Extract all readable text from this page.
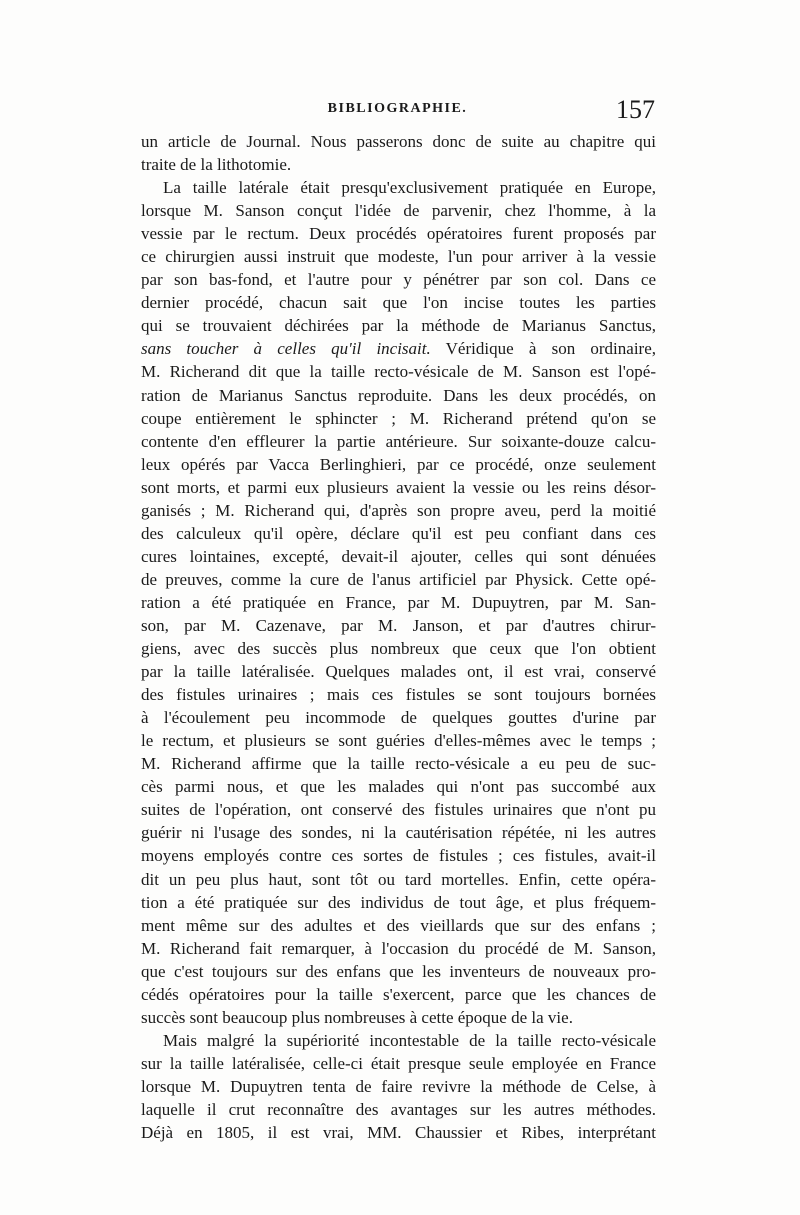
BIBLIOGRAPHIE.	157
un article de Journal. Nous passerons donc de suite au chapitre qui
traite de la lithotomie.
La taille latérale était presqu'exclusivement pratiquée en Europe,
lorsque M. Sanson conçut l'idée de parvenir, chez l'homme, à la
vessie par le rectum. Deux procédés opératoires furent proposés par
ce chirurgien aussi instruit que modeste, l'un pour arriver à la vessie
par son bas-fond, et l'autre pour y pénétrer par son col. Dans ce
dernier procédé, chacun sait que l'on incise toutes les parties
qui se trouvaient déchirées par la méthode de Marianus Sanctus,
sans toucher à celles qu'il incisait. Véridique à son ordinaire,
M. Richerand dit que la taille recto-vésicale de M. Sanson est l'opé-
ration de Marianus Sanctus reproduite. Dans les deux procédés, on
coupe entièrement le sphincter ; M. Richerand prétend qu'on se
contente d'en effleurer la partie antérieure. Sur soixante-douze calcu-
leux opérés par Vacca Berlinghieri, par ce procédé, onze seulement
sont morts, et parmi eux plusieurs avaient la vessie ou les reins désor-
ganisés ; M. Richerand qui, d'après son propre aveu, perd la moitié
des calculeux qu'il opère, déclare qu'il est peu confiant dans ces
cures lointaines, excepté, devait-il ajouter, celles qui sont dénuées
de preuves, comme la cure de l'anus artificiel par Physick. Cette opé-
ration a été pratiquée en France, par M. Dupuytren, par M. San-
son, par M. Cazenave, par M. Janson, et par d'autres chirur-
giens, avec des succès plus nombreux que ceux que l'on obtient
par la taille latéralisée. Quelques malades ont, il est vrai, conservé
des fistules urinaires ; mais ces fistules se sont toujours bornées
à l'écoulement peu incommode de quelques gouttes d'urine par
le rectum, et plusieurs se sont guéries d'elles-mêmes avec le temps ;
M. Richerand affirme que la taille recto-vésicale a eu peu de suc-
cès parmi nous, et que les malades qui n'ont pas succombé aux
suites de l'opération, ont conservé des fistules urinaires que n'ont pu
guérir ni l'usage des sondes, ni la cautérisation répétée, ni les autres
moyens employés contre ces sortes de fistules ; ces fistules, avait-il
dit un peu plus haut, sont tôt ou tard mortelles. Enfin, cette opéra-
tion a été pratiquée sur des individus de tout âge, et plus fréquem-
ment même sur des adultes et des vieillards que sur des enfans ;
M. Richerand fait remarquer, à l'occasion du procédé de M. Sanson,
que c'est toujours sur des enfans que les inventeurs de nouveaux pro-
cédés opératoires pour la taille s'exercent, parce que les chances de
succès sont beaucoup plus nombreuses à cette époque de la vie.
Mais malgré la supériorité incontestable de la taille recto-vésicale
sur la taille latéralisée, celle-ci était presque seule employée en France
lorsque M. Dupuytren tenta de faire revivre la méthode de Celse, à
laquelle il crut reconnaître des avantages sur les autres méthodes.
Déjà en 1805, il est vrai, MM. Chaussier et Ribes, interprétant
